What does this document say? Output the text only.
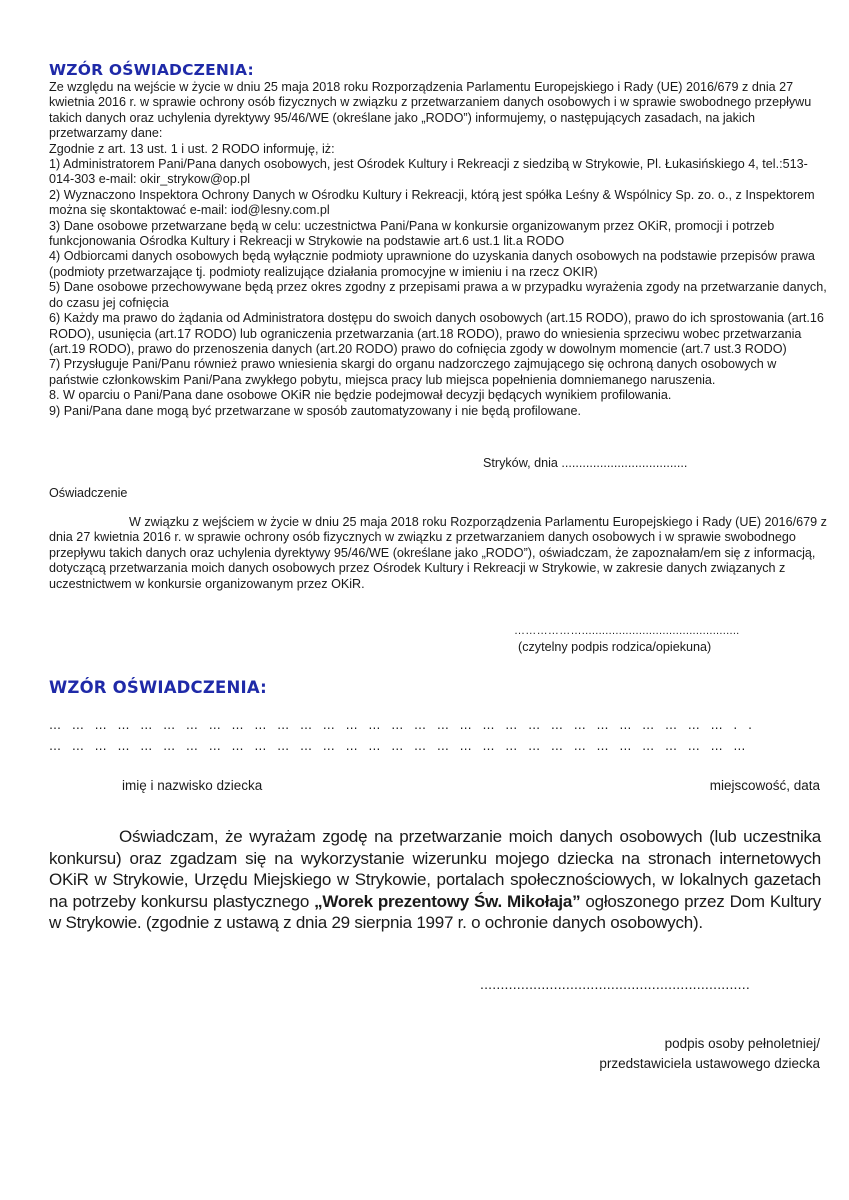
WZÓR OŚWIADCZENIA:

Ze względu na wejście w życie w dniu 25 maja 2018 roku Rozporządzenia Parlamentu Europejskiego i Rady (UE) 2016/679 z dnia 27 kwietnia 2016 r. w sprawie ochrony osób fizycznych w związku z przetwarzaniem danych osobowych i w sprawie swobodnego przepływu takich danych oraz uchylenia dyrektywy 95/46/WE (określane jako „RODO”) informujemy, o następujących zasadach, na jakich przetwarzamy dane:

Zgodnie z art. 13 ust. 1 i ust. 2 RODO informuję, iż:

1) Administratorem Pani/Pana danych osobowych, jest Ośrodek Kultury i Rekreacji z siedzibą w Strykowie, Pl. Łukasińskiego 4, tel.:513-014-303 e-mail: okir_strykow@op.pl

2) Wyznaczono Inspektora Ochrony Danych w Ośrodku Kultury i Rekreacji, którą jest spółka Leśny & Wspólnicy Sp. zo. o., z Inspektorem można się skontaktować e-mail: iod@lesny.com.pl

3) Dane osobowe przetwarzane będą w celu: uczestnictwa Pani/Pana w konkursie organizowanym przez OKiR, promocji i potrzeb funkcjonowania Ośrodka Kultury i Rekreacji w Strykowie na podstawie art.6 ust.1 lit.a RODO

4) Odbiorcami danych osobowych będą wyłącznie podmioty uprawnione do uzyskania danych osobowych na podstawie przepisów prawa (podmioty przetwarzające tj. podmioty realizujące działania promocyjne w imieniu i na rzecz OKIR)

5) Dane osobowe przechowywane będą przez okres zgodny z przepisami prawa a w przypadku wyrażenia zgody na przetwarzanie danych, do czasu jej cofnięcia

6) Każdy ma prawo do żądania od Administratora dostępu do swoich danych osobowych (art.15 RODO), prawo do ich sprostowania (art.16 RODO), usunięcia (art.17 RODO) lub ograniczenia przetwarzania (art.18 RODO), prawo do wniesienia sprzeciwu wobec przetwarzania (art.19 RODO), prawo do przenoszenia danych (art.20 RODO) prawo do cofnięcia zgody w dowolnym momencie (art.7 ust.3 RODO)

7) Przysługuje Pani/Panu również prawo wniesienia skargi do organu nadzorczego zajmującego się ochroną danych osobowych w państwie członkowskim Pani/Pana zwykłego pobytu, miejsca pracy lub miejsca popełnienia domniemanego naruszenia.

8. W oparciu o Pani/Pana dane osobowe OKiR nie będzie podejmował decyzji będących wynikiem profilowania.

9) Pani/Pana dane mogą być przetwarzane w sposób zautomatyzowany i nie będą profilowane.

Stryków, dnia ....................................
Oświadczenie
W związku z wejściem w życie w dniu 25 maja 2018 roku Rozporządzenia Parlamentu Europejskiego i Rady (UE) 2016/679 z dnia 27 kwietnia 2016 r. w sprawie ochrony osób fizycznych w związku z przetwarzaniem danych osobowych i w sprawie swobodnego przepływu takich danych oraz uchylenia dyrektywy 95/46/WE (określane jako „RODO”), oświadczam, że zapoznałam/em się z informacją, dotyczącą przetwarzania moich danych osobowych przez Ośrodek Kultury i Rekreacji w Strykowie, w zakresie danych związanych z uczestnictwem w konkursie organizowanym przez OKiR.
………………...............................................
(czytelny podpis rodzica/opiekuna)
WZÓR OŚWIADCZENIA:
… … … … … … … … … … … … … … … … … … … … … … … … … … … … … … . .
… … … … … … … … … … … … … … … … … … … … … … … … … … … … … … …
imię i nazwisko dziecka	miejscowość, data
Oświadczam, że wyrażam zgodę na przetwarzanie moich danych osobowych (lub uczestnika konkursu) oraz zgadzam się na wykorzystanie wizerunku mojego dziecka na stronach internetowych OKiR w Strykowie, Urzędu Miejskiego w Strykowie, portalach społecznościowych, w lokalnych gazetach na potrzeby konkursu plastycznego „Worek prezentowy Św. Mikołaja” ogłoszonego przez Dom Kultury w Strykowie. (zgodnie z ustawą z dnia 29 sierpnia 1997 r. o ochronie danych osobowych).
..................................................................
podpis osoby pełnoletniej/
przedstawiciela ustawowego dziecka
